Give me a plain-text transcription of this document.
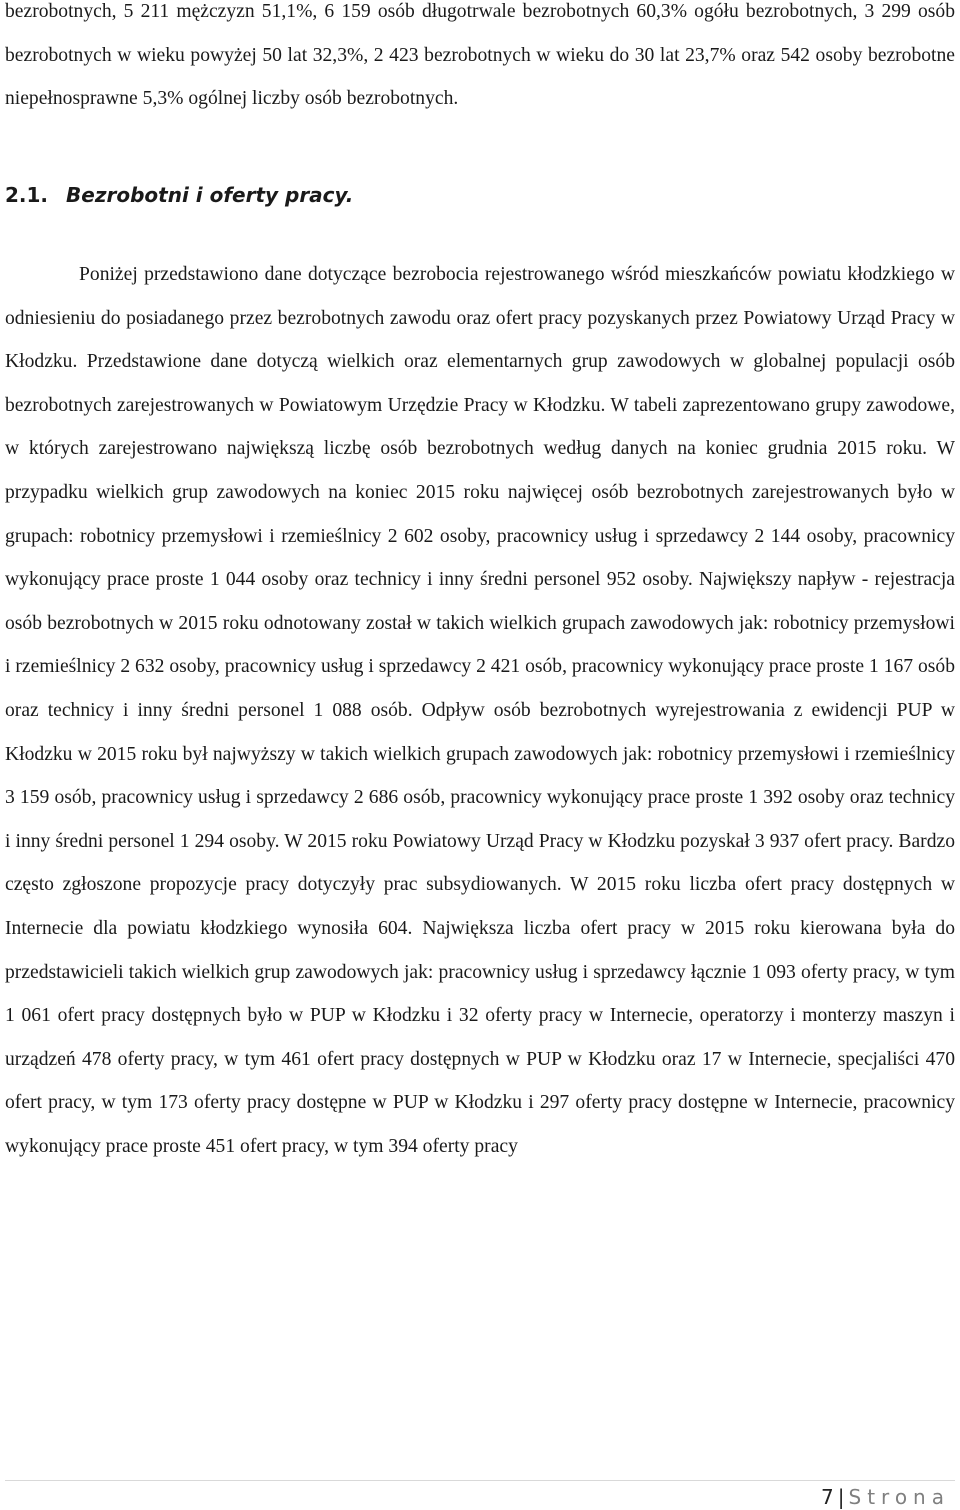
bezrobotnych, 5 211 mężczyzn 51,1%, 6 159 osób długotrwale bezrobotnych 60,3% ogółu bezrobotnych, 3 299 osób bezrobotnych w wieku powyżej 50 lat 32,3%, 2 423 bezrobotnych w wieku do 30 lat 23,7% oraz 542 osoby bezrobotne niepełnosprawne 5,3% ogólnej liczby osób bezrobotnych.

2.1. Bezrobotni i oferty pracy.

Poniżej przedstawiono dane dotyczące bezrobocia rejestrowanego wśród mieszkańców powiatu kłodzkiego w odniesieniu do posiadanego przez bezrobotnych zawodu oraz ofert pracy pozyskanych przez Powiatowy Urząd Pracy w Kłodzku. Przedstawione dane dotyczą wielkich oraz elementarnych grup zawodowych w globalnej populacji osób bezrobotnych zarejestrowanych w Powiatowym Urzędzie Pracy w Kłodzku. W tabeli zaprezentowano grupy zawodowe, w których zarejestrowano największą liczbę osób bezrobotnych według danych na koniec grudnia 2015 roku. W przypadku wielkich grup zawodowych na koniec 2015 roku najwięcej osób bezrobotnych zarejestrowanych było w grupach: robotnicy przemysłowi i rzemieślnicy 2 602 osoby, pracownicy usług i sprzedawcy 2 144 osoby, pracownicy wykonujący prace proste 1 044 osoby oraz technicy i inny średni personel 952 osoby. Największy napływ - rejestracja osób bezrobotnych w 2015 roku odnotowany został w takich wielkich grupach zawodowych jak: robotnicy przemysłowi i rzemieślnicy 2 632 osoby, pracownicy usług i sprzedawcy 2 421 osób, pracownicy wykonujący prace proste 1 167 osób oraz technicy i inny średni personel 1 088 osób. Odpływ osób bezrobotnych wyrejestrowania z ewidencji PUP w Kłodzku w 2015 roku był najwyższy w takich wielkich grupach zawodowych jak: robotnicy przemysłowi i rzemieślnicy 3 159 osób, pracownicy usług i sprzedawcy 2 686 osób, pracownicy wykonujący prace proste 1 392 osoby oraz technicy i inny średni personel 1 294 osoby. W 2015 roku Powiatowy Urząd Pracy w Kłodzku pozyskał 3 937 ofert pracy. Bardzo często zgłoszone propozycje pracy dotyczyły prac subsydiowanych. W 2015 roku liczba ofert pracy dostępnych w Internecie dla powiatu kłodzkiego wynosiła 604. Największa liczba ofert pracy w 2015 roku kierowana była do przedstawicieli takich wielkich grup zawodowych jak: pracownicy usług i sprzedawcy łącznie 1 093 oferty pracy, w tym 1 061 ofert pracy dostępnych było w PUP w Kłodzku i 32 oferty pracy w Internecie, operatorzy i monterzy maszyn i urządzeń 478 oferty pracy, w tym 461 ofert pracy dostępnych w PUP w Kłodzku oraz 17 w Internecie, specjaliści 470 ofert pracy, w tym 173 oferty pracy dostępne w PUP w Kłodzku i 297 oferty pracy dostępne w Internecie, pracownicy wykonujący prace proste 451 ofert pracy, w tym 394 oferty pracy

7 | Strona
